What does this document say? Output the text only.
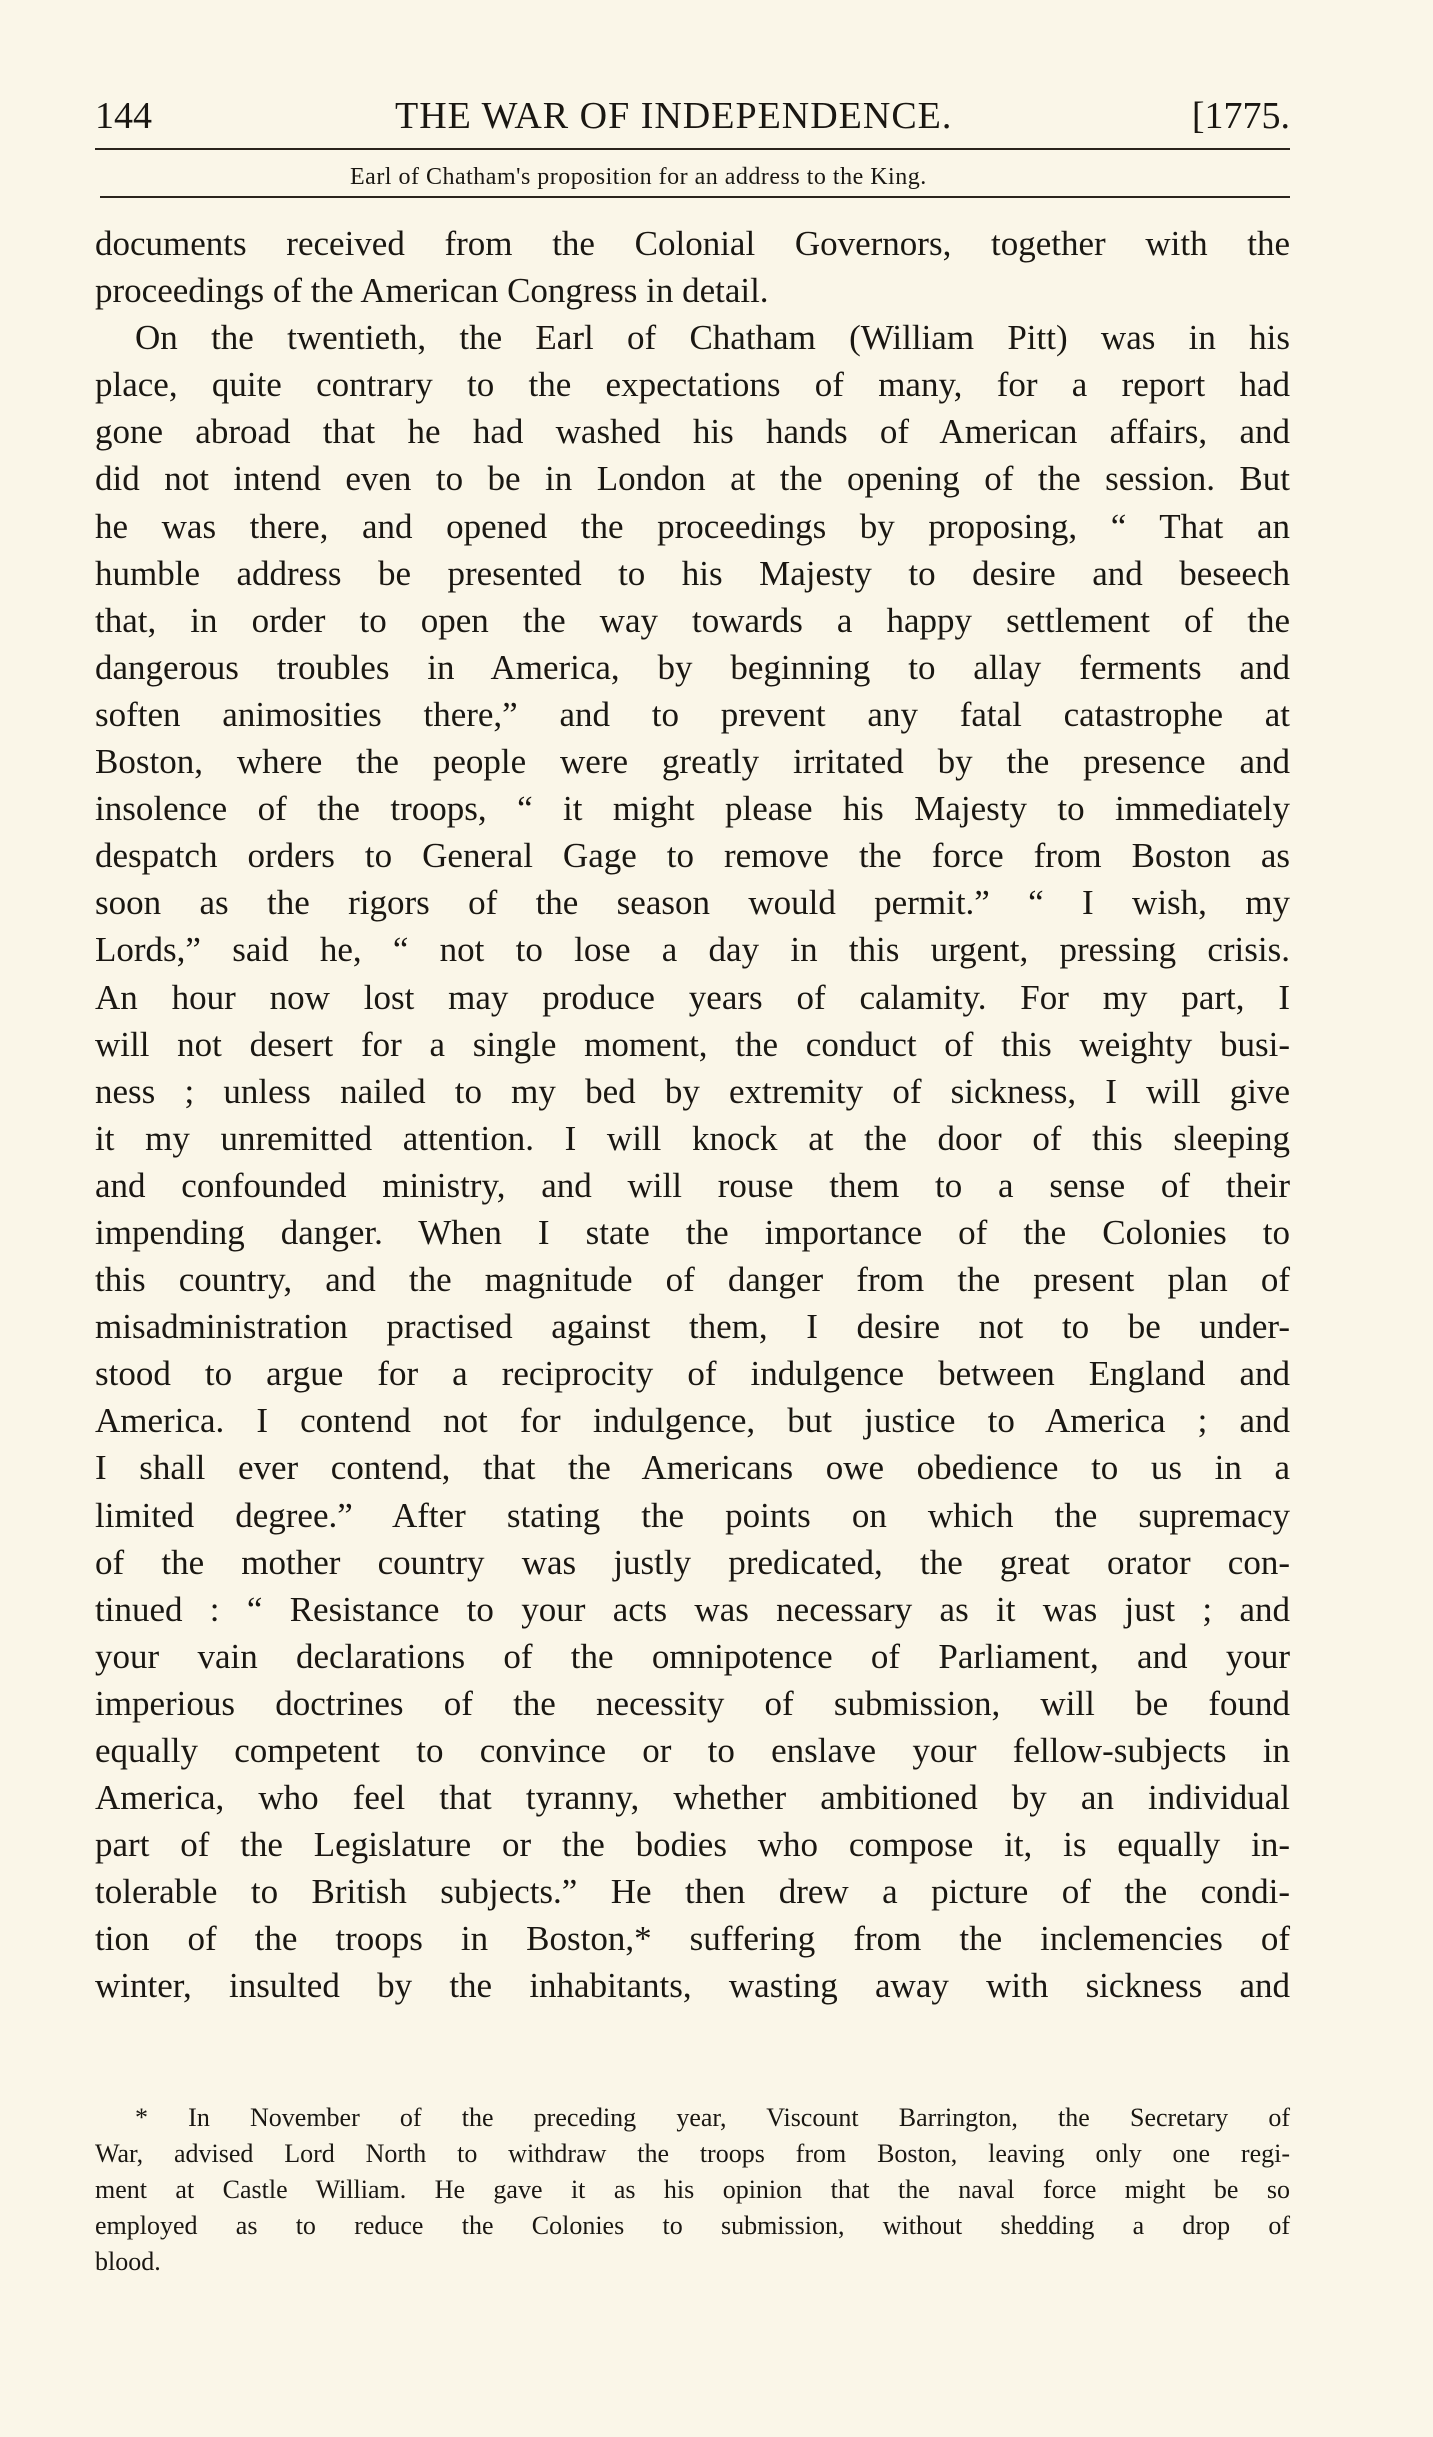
144	THE WAR OF INDEPENDENCE.	[1775.
Earl of Chatham's proposition for an address to the King.
documents received from the Colonial Governors, together with the
proceedings of the American Congress in detail.
On the twentieth, the Earl of Chatham (William Pitt) was in his
place, quite contrary to the expectations of many, for a report had
gone abroad that he had washed his hands of American affairs, and
did not intend even to be in London at the opening of the session. But
he was there, and opened the proceedings by proposing, “ That an
humble address be presented to his Majesty to desire and beseech
that, in order to open the way towards a happy settlement of the
dangerous troubles in America, by beginning to allay ferments and
soften animosities there,” and to prevent any fatal catastrophe at
Boston, where the people were greatly irritated by the presence and
insolence of the troops, “ it might please his Majesty to immediately
despatch orders to General Gage to remove the force from Boston as
soon as the rigors of the season would permit.” “ I wish, my
Lords,” said he, “ not to lose a day in this urgent, pressing crisis.
An hour now lost may produce years of calamity. For my part, I
will not desert for a single moment, the conduct of this weighty busi-
ness ; unless nailed to my bed by extremity of sickness, I will give
it my unremitted attention. I will knock at the door of this sleeping
and confounded ministry, and will rouse them to a sense of their
impending danger. When I state the importance of the Colonies to
this country, and the magnitude of danger from the present plan of
misadministration practised against them, I desire not to be under-
stood to argue for a reciprocity of indulgence between England and
America. I contend not for indulgence, but justice to America ; and
I shall ever contend, that the Americans owe obedience to us in a
limited degree.” After stating the points on which the supremacy
of the mother country was justly predicated, the great orator con-
tinued : “ Resistance to your acts was necessary as it was just ; and
your vain declarations of the omnipotence of Parliament, and your
imperious doctrines of the necessity of submission, will be found
equally competent to convince or to enslave your fellow-subjects in
America, who feel that tyranny, whether ambitioned by an individual
part of the Legislature or the bodies who compose it, is equally in-
tolerable to British subjects.” He then drew a picture of the condi-
tion of the troops in Boston,* suffering from the inclemencies of
winter, insulted by the inhabitants, wasting away with sickness and
* In November of the preceding year, Viscount Barrington, the Secretary of
War, advised Lord North to withdraw the troops from Boston, leaving only one regi-
ment at Castle William. He gave it as his opinion that the naval force might be so
employed as to reduce the Colonies to submission, without shedding a drop of
blood.
